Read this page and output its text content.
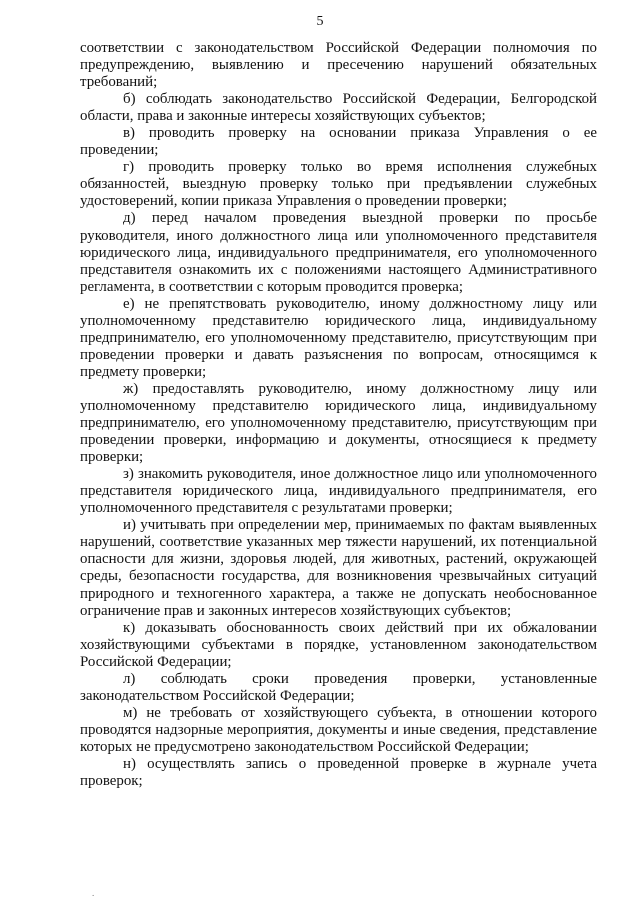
5

соответствии с законодательством Российской Федерации полномочия по предупреждению, выявлению и пресечению нарушений обязательных требований;

б) соблюдать законодательство Российской Федерации, Белгородской области, права и законные интересы хозяйствующих субъектов;

в) проводить проверку на основании приказа Управления о ее проведении;

г) проводить проверку только во время исполнения служебных обязанностей, выездную проверку только при предъявлении служебных удостоверений, копии приказа Управления о проведении проверки;

д) перед началом проведения выездной проверки по просьбе руководителя, иного должностного лица или уполномоченного представителя юридического лица, индивидуального предпринимателя, его уполномоченного представителя ознакомить их с положениями настоящего Административного регламента, в соответствии с которым проводится проверка;

е) не препятствовать руководителю, иному должностному лицу или уполномоченному представителю юридического лица, индивидуальному предпринимателю, его уполномоченному представителю, присутствующим при проведении проверки и давать разъяснения по вопросам, относящимся к предмету проверки;

ж) предоставлять руководителю, иному должностному лицу или уполномоченному представителю юридического лица, индивидуальному предпринимателю, его уполномоченному представителю, присутствующим при проведении проверки, информацию и документы, относящиеся к предмету проверки;

з) знакомить руководителя, иное должностное лицо или уполномоченного представителя юридического лица, индивидуального предпринимателя, его уполномоченного представителя с результатами проверки;

и) учитывать при определении мер, принимаемых по фактам выявленных нарушений, соответствие указанных мер тяжести нарушений, их потенциальной опасности для жизни, здоровья людей, для животных, растений, окружающей среды, безопасности государства, для возникновения чрезвычайных ситуаций природного и техногенного характера, а также не допускать необоснованное ограничение прав и законных интересов хозяйствующих субъектов;

к) доказывать обоснованность своих действий при их обжаловании хозяйствующими субъектами в порядке, установленном законодательством Российской Федерации;

л) соблюдать сроки проведения проверки, установленные законодательством Российской Федерации;

м) не требовать от хозяйствующего субъекта, в отношении которого проводятся надзорные мероприятия, документы и иные сведения, представление которых не предусмотрено законодательством Российской Федерации;

н) осуществлять запись о проведенной проверке в журнале учета проверок;

.
